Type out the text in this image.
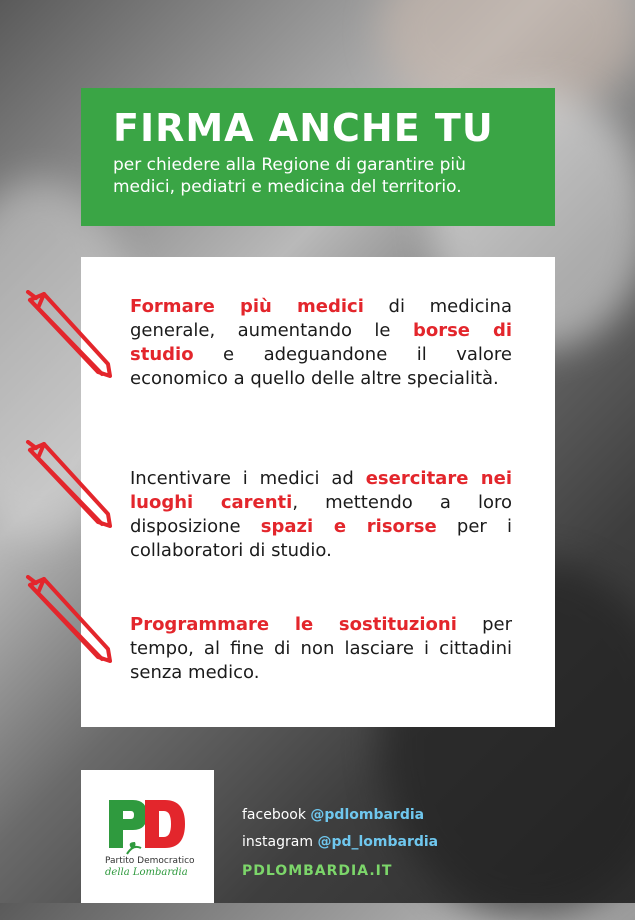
FIRMA ANCHE TU
per chiedere alla Regione di garantire più
medici, pediatri e medicina del territorio.
Formare più medici di medicina generale, aumentando le borse di studio e adeguandone il valore economico a quello delle altre specialità.
Incentivare i medici ad esercitare nei luoghi carenti, mettendo a loro disposizione spazi e risorse per i collaboratori di studio.
Programmare le sostituzioni per tempo, al fine di non lasciare i cittadini senza medico.
Partito Democratico
della Lombardia
facebook @pdlombardia
instagram @pd_lombardia
PDLOMBARDIA.IT
